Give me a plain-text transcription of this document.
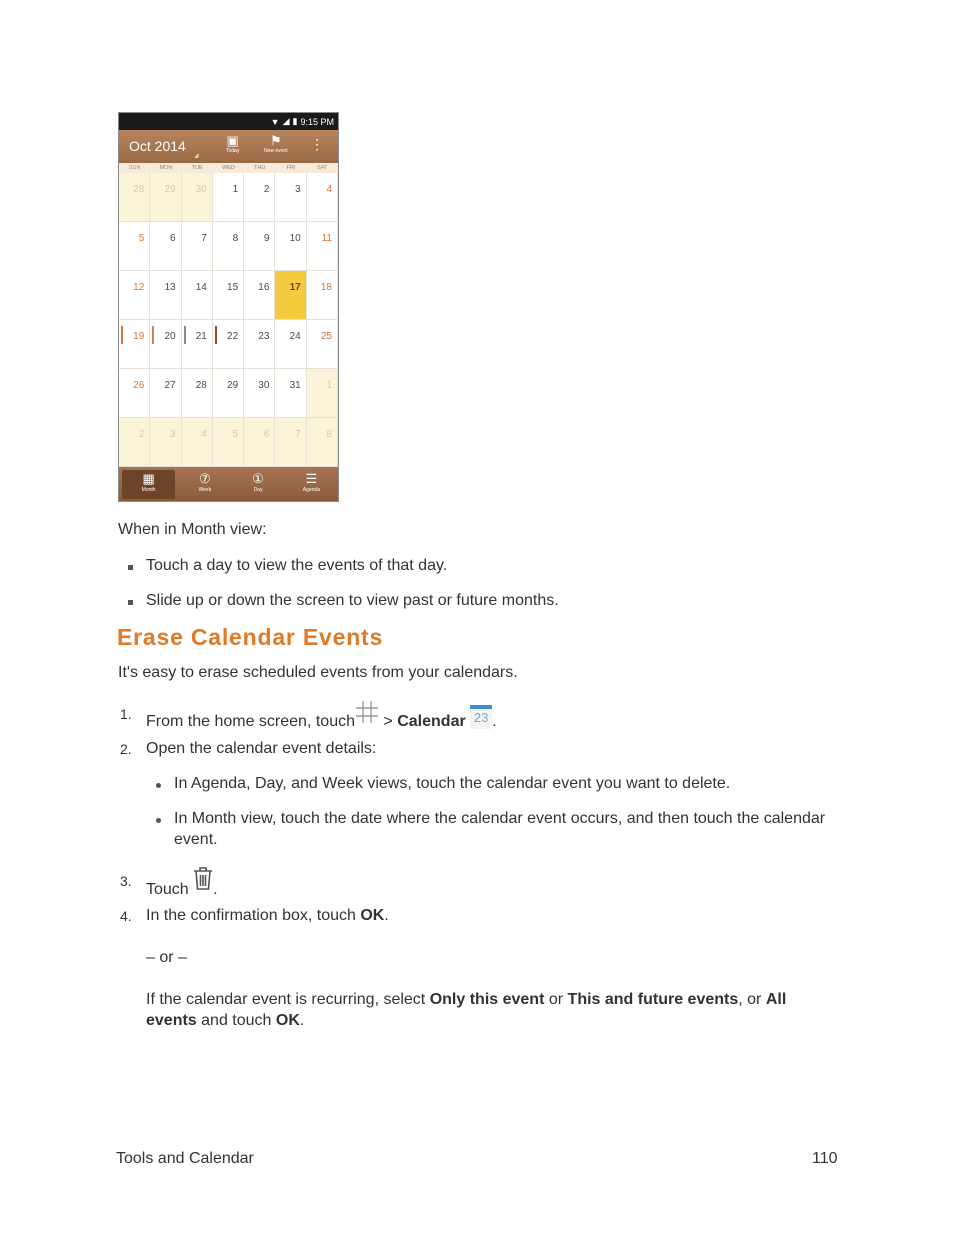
▼ ◢ ▮ 9:15 PM
Oct 2014
◢
▣
Today
⚑
New event ⋮
SUN	MON	TUE	WED	THU	FRI	SAT
28 29 30	1	2	3	4
5	6	7	8	9 10 11
12 13 14 15 16 17 18
19 20 21 22 23 24 25
26 27 28 29 30 31	1
2	3	4	5	6	7	8
▦
Month
⑦
Week
①
Day
☰
Agenda
When in Month view:
Touch a day to view the events of that day.
Slide up or down the screen to view past or future months.
Erase Calendar Events
It's easy to erase scheduled events from your calendars.
1. From the home screen, touch > Calendar 23 .
2. Open the calendar event details:
In Agenda, Day, and Week views, touch the calendar event you want to delete.
In Month view, touch the date where the calendar event occurs, and then touch the calendar
event.
3. Touch .
4. In the confirmation box, touch OK.
– or –
If the calendar event is recurring, select Only this event or This and future events, or All
events and touch OK.
Tools and Calendar	110
